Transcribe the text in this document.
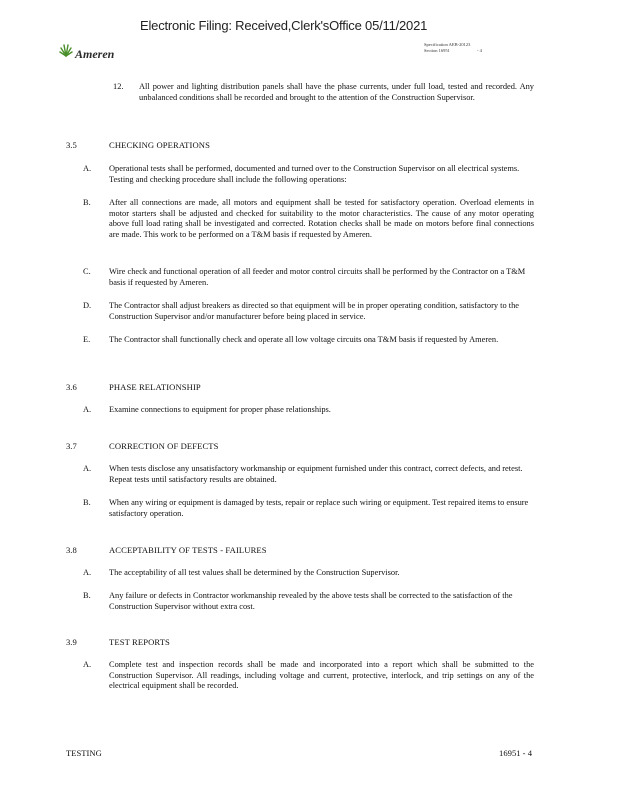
Electronic Filing: Received,Clerk'sOffice 05/11/2021
Ameren
Specification AEB-20123
Section 16951	- 4
12. All power and lighting distribution panels shall have the phase currents, under full load, tested and recorded. Any unbalanced conditions shall be recorded and brought to the attention of the Construction Supervisor.

3.5	CHECKING OPERATIONS
A. Operational tests shall be performed, documented and turned over to the Construction Supervisor on all electrical systems. Testing and checking procedure shall include the following operations:

B. After all connections are made, all motors and equipment shall be tested for satisfactory operation. Overload elements in motor starters shall be adjusted and checked for suitability to the motor characteristics. The cause of any motor operating above full load rating shall be investigated and corrected. Rotation checks shall be made on motors before final connections are made. This work to be performed on a T&M basis if requested by Ameren.

C. Wire check and functional operation of all feeder and motor control circuits shall be performed by the Contractor on a T&M basis if requested by Ameren.

D. The Contractor shall adjust breakers as directed so that equipment will be in proper operating condition, satisfactory to the Construction Supervisor and/or manufacturer before being placed in service.

E. The Contractor shall functionally check and operate all low voltage circuits ona T&M basis if requested by Ameren.

3.6	PHASE RELATIONSHIP
A. Examine connections to equipment for proper phase relationships.

3.7	CORRECTION OF DEFECTS
A. When tests disclose any unsatisfactory workmanship or equipment furnished under this contract, correct defects, and retest. Repeat tests until satisfactory results are obtained.

B. When any wiring or equipment is damaged by tests, repair or replace such wiring or equipment. Test repaired items to ensure satisfactory operation.

3.8	ACCEPTABILITY OF TESTS - FAILURES
A. The acceptability of all test values shall be determined by the Construction Supervisor.

B. Any failure or defects in Contractor workmanship revealed by the above tests shall be corrected to the satisfaction of the Construction Supervisor without extra cost.

3.9	TEST REPORTS
A. Complete test and inspection records shall be made and incorporated into a report which shall be submitted to the Construction Supervisor. All readings, including voltage and current, protective, interlock, and trip settings on any of the electrical equipment shall be recorded.

TESTING	16951 - 4
